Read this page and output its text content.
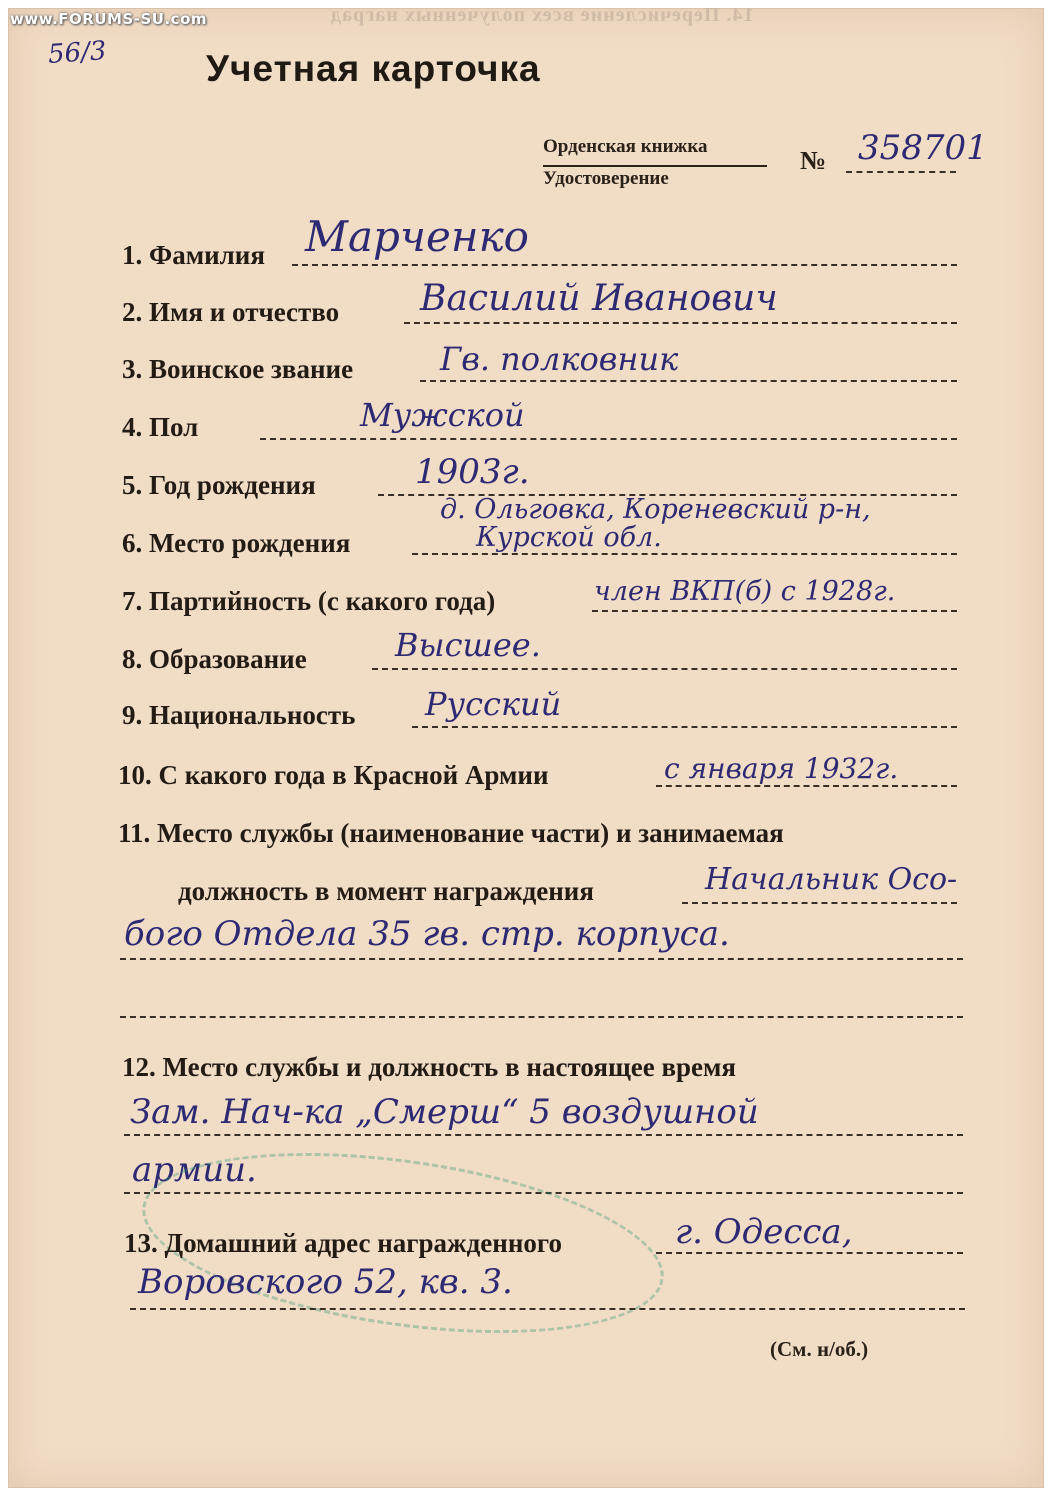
www.FORUMS-SU.com	14. Перечисление всех полученных наград
56/3	Учетная карточка
Орденская книжка
Удостоверение
№ 358701
1. Фамилия Марченко
2. Имя и отчество Василий Иванович
3. Воинское звание	Гв. полковник
4. Пол	Мужской
5. Год рождения	1903г.
6. Место рождения
д. Ольговка, Кореневский р-н,
Курской обл.
7. Партийность (с какого года)	член ВКП(б) с 1928г.
8. Образование	Высшее.
9. Национальность Русский
10. С какого года в Красной Армии	с января 1932г.
11. Место службы (наименование части) и занимаемая
должность в момент награждения	Начальник Осо-
бого Отдела 35 гв. стр. корпуса.
12. Место службы и должность в настоящее время
Зам. Нач-ка „Смерш“ 5 воздушной
армии.
13. Домашний адрес награжденного	г. Одесса,
Воровского 52, кв. 3.
(См. н/об.)
